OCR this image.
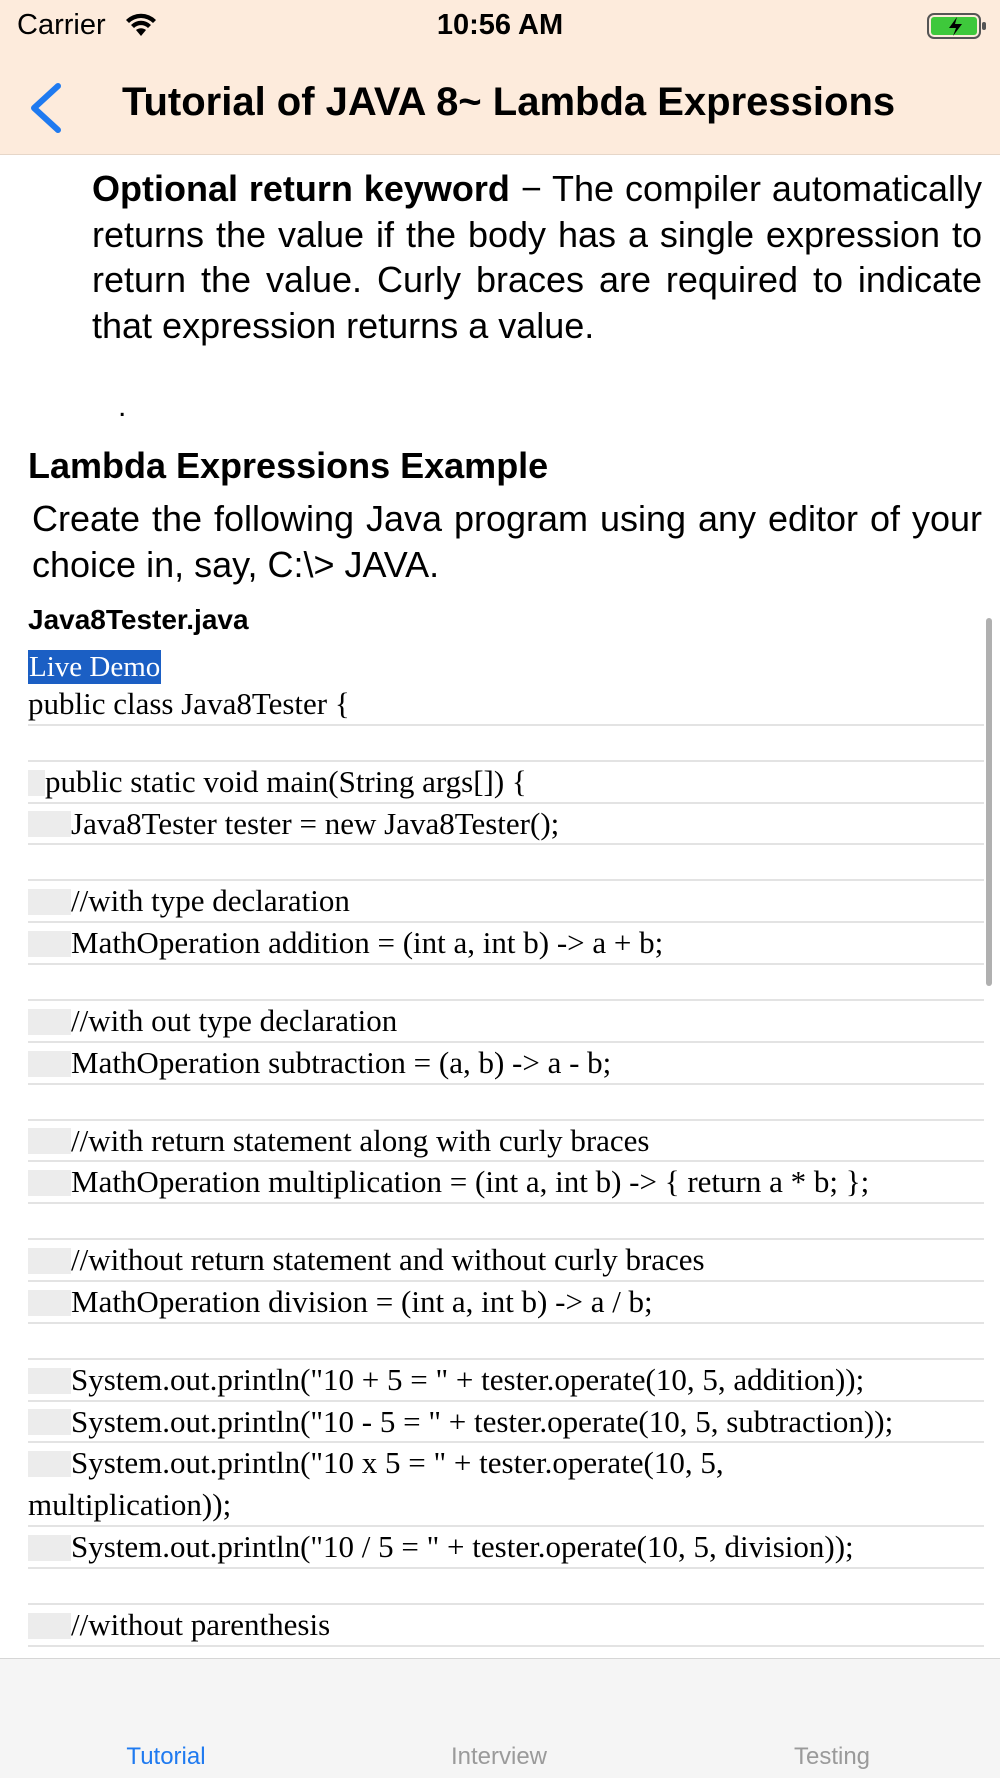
Carrier	10:56 AM
Tutorial of JAVA 8~ Lambda Expressions

Optional return keyword − The compiler automatically returns the value if the body has a single expression to return the value. Curly braces are required to indicate that expression returns a value.

.
Lambda Expressions Example

Create the following Java program using any editor of your choice in, say, C:\> JAVA.

Java8Tester.java
Live Demo
public class Java8Tester {
public static void main(String args[]) {
Java8Tester tester = new Java8Tester();
//with type declaration
MathOperation addition = (int a, int b) -> a + b;
//with out type declaration
MathOperation subtraction = (a, b) -> a - b;
//with return statement along with curly braces
MathOperation multiplication = (int a, int b) -> { return a * b; };
//without return statement and without curly braces
MathOperation division = (int a, int b) -> a / b;
System.out.println("10 + 5 = " + tester.operate(10, 5, addition));
System.out.println("10 - 5 = " + tester.operate(10, 5, subtraction));
System.out.println("10 x 5 = " + tester.operate(10, 5,
multiplication));
System.out.println("10 / 5 = " + tester.operate(10, 5, division));
//without parenthesis
Tutorial	Interview	Testing
